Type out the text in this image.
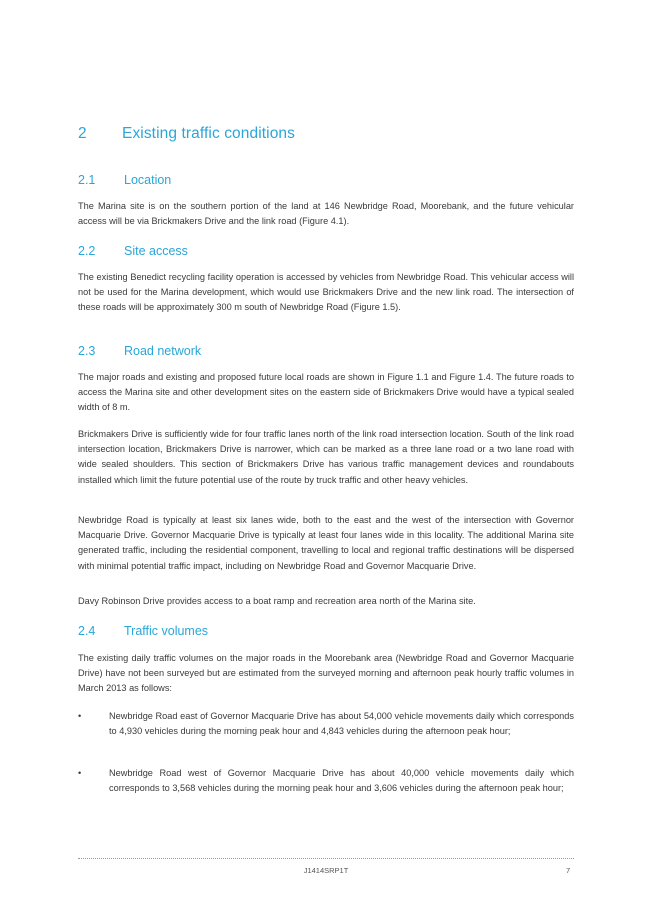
2 Existing traffic conditions
2.1 Location
The Marina site is on the southern portion of the land at 146 Newbridge Road, Moorebank, and the future vehicular access will be via Brickmakers Drive and the link road (Figure 4.1).
2.2 Site access
The existing Benedict recycling facility operation is accessed by vehicles from Newbridge Road. This vehicular access will not be used for the Marina development, which would use Brickmakers Drive and the new link road. The intersection of these roads will be approximately 300 m south of Newbridge Road (Figure 1.5).
2.3 Road network
The major roads and existing and proposed future local roads are shown in Figure 1.1 and Figure 1.4. The future roads to access the Marina site and other development sites on the eastern side of Brickmakers Drive would have a typical sealed width of 8 m.
Brickmakers Drive is sufficiently wide for four traffic lanes north of the link road intersection location. South of the link road intersection location, Brickmakers Drive is narrower, which can be marked as a three lane road or a two lane road with wide sealed shoulders. This section of Brickmakers Drive has various traffic management devices and roundabouts installed which limit the future potential use of the route by truck traffic and other heavy vehicles.
Newbridge Road is typically at least six lanes wide, both to the east and the west of the intersection with Governor Macquarie Drive. Governor Macquarie Drive is typically at least four lanes wide in this locality. The additional Marina site generated traffic, including the residential component, travelling to local and regional traffic destinations will be dispersed with minimal potential traffic impact, including on Newbridge Road and Governor Macquarie Drive.
Davy Robinson Drive provides access to a boat ramp and recreation area north of the Marina site.
2.4 Traffic volumes
The existing daily traffic volumes on the major roads in the Moorebank area (Newbridge Road and Governor Macquarie Drive) have not been surveyed but are estimated from the surveyed morning and afternoon peak hourly traffic volumes in March 2013 as follows:
•	Newbridge Road east of Governor Macquarie Drive has about 54,000 vehicle movements daily which corresponds to 4,930 vehicles during the morning peak hour and 4,843 vehicles during the afternoon peak hour;
•	Newbridge Road west of Governor Macquarie Drive has about 40,000 vehicle movements daily which corresponds to 3,568 vehicles during the morning peak hour and 3,606 vehicles during the afternoon peak hour;
J1414SRP1T	7
